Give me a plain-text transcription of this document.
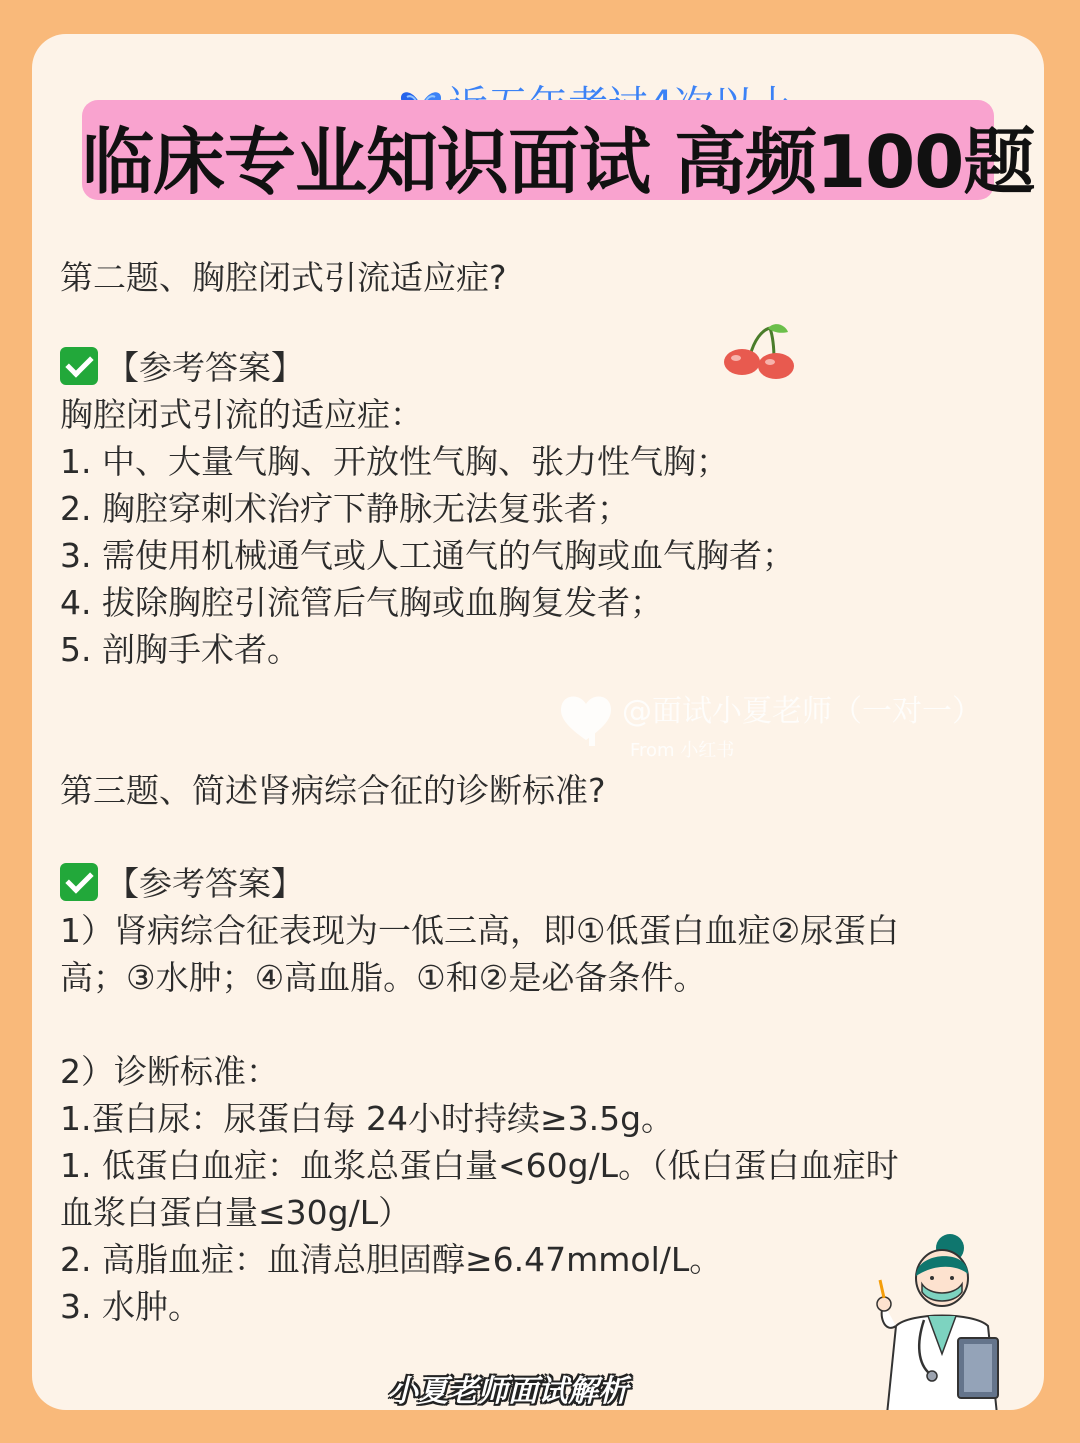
临床专业知识面试 高频100题
第二题、胸腔闭式引流适应症?
【参考答案】
胸腔闭式引流的适应症：
1. 中、大量气胸、开放性气胸、张力性气胸；
2. 胸腔穿刺术治疗下静脉无法复张者；
3. 需使用机械通气或人工通气的气胸或血气胸者；
4. 拔除胸腔引流管后气胸或血胸复发者；
5. 剖胸手术者。
@面试小夏老师（一对一）
From 小红书
第三题、简述肾病综合征的诊断标准?
【参考答案】
1）肾病综合征表现为一低三高，即①低蛋白血症②尿蛋白
高；③水肿；④高血脂。①和②是必备条件。
2）诊断标准：
1.蛋白尿：尿蛋白每 24小时持续≥3.5g。
1. 低蛋白血症：血浆总蛋白量<60g/L。（低白蛋白血症时
血浆白蛋白量≤30g/L）
2. 高脂血症：血清总胆固醇≥6.47mmol/L。
3. 水肿。
小夏老师面试解析
